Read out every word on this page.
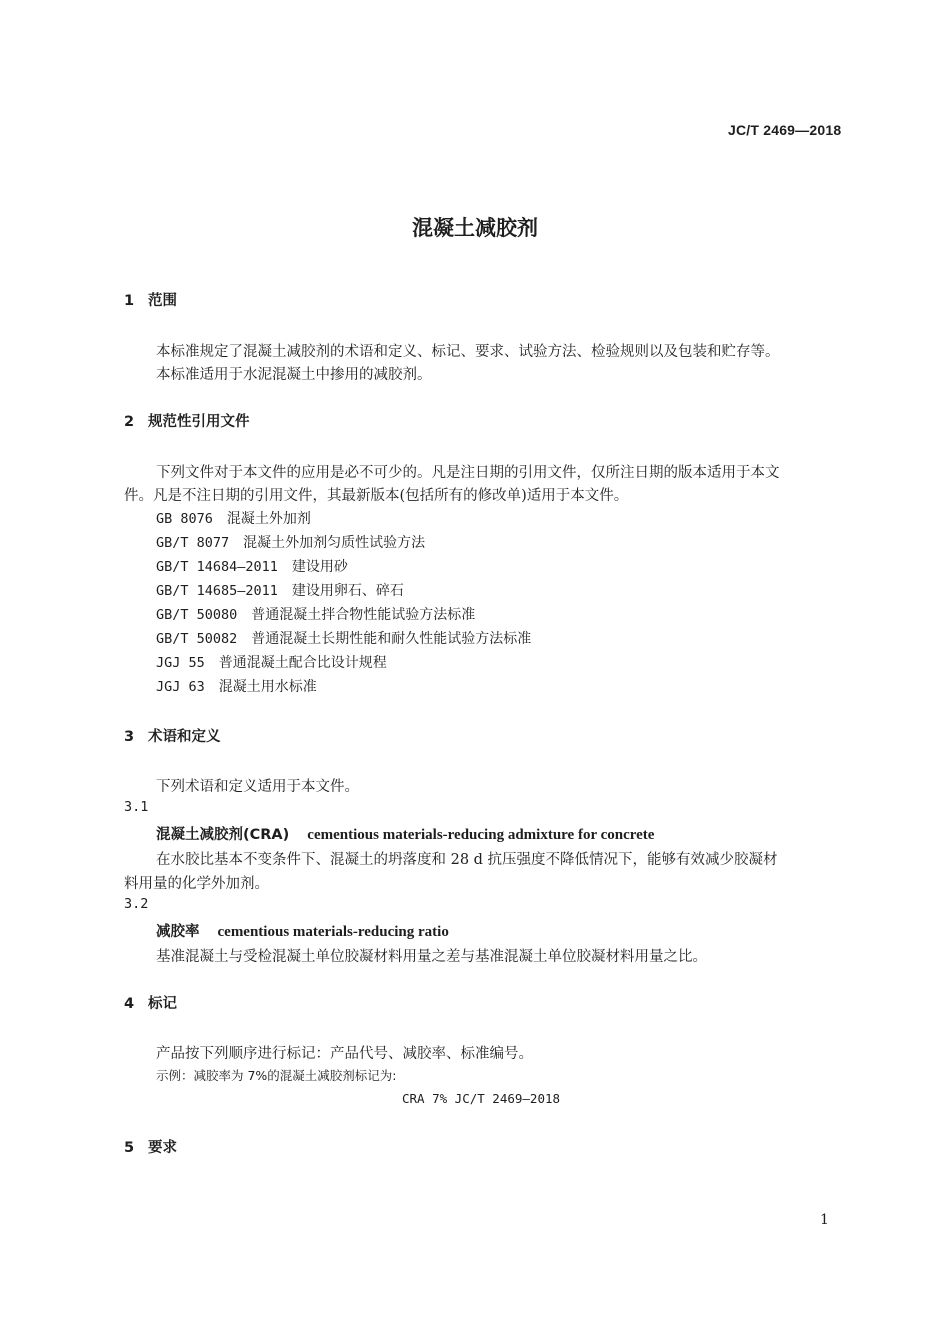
JC/T 2469—2018
混凝土减胶剂
1 范围
本标准规定了混凝土减胶剂的术语和定义、标记、要求、试验方法、检验规则以及包装和贮存等。
本标准适用于水泥混凝土中掺用的减胶剂。
2 规范性引用文件
下列文件对于本文件的应用是必不可少的。凡是注日期的引用文件，仅所注日期的版本适用于本文
件。凡是不注日期的引用文件，其最新版本(包括所有的修改单)适用于本文件。
GB 8076 混凝土外加剂
GB/T 8077 混凝土外加剂匀质性试验方法
GB/T 14684—2011 建设用砂
GB/T 14685—2011 建设用卵石、碎石
GB/T 50080 普通混凝土拌合物性能试验方法标准
GB/T 50082 普通混凝土长期性能和耐久性能试验方法标准
JGJ 55 普通混凝土配合比设计规程
JGJ 63 混凝土用水标准
3 术语和定义
下列术语和定义适用于本文件。
3.1
混凝土减胶剂(CRA) cementious materials-reducing admixture for concrete
在水胶比基本不变条件下、混凝土的坍落度和 28 d 抗压强度不降低情况下，能够有效减少胶凝材
料用量的化学外加剂。
3.2
减胶率 cementious materials-reducing ratio
基准混凝土与受检混凝土单位胶凝材料用量之差与基准混凝土单位胶凝材料用量之比。
4 标记
产品按下列顺序进行标记：产品代号、减胶率、标准编号。
示例：减胶率为 7%的混凝土减胶剂标记为:
CRA 7% JC/T 2469—2018
5 要求
1
